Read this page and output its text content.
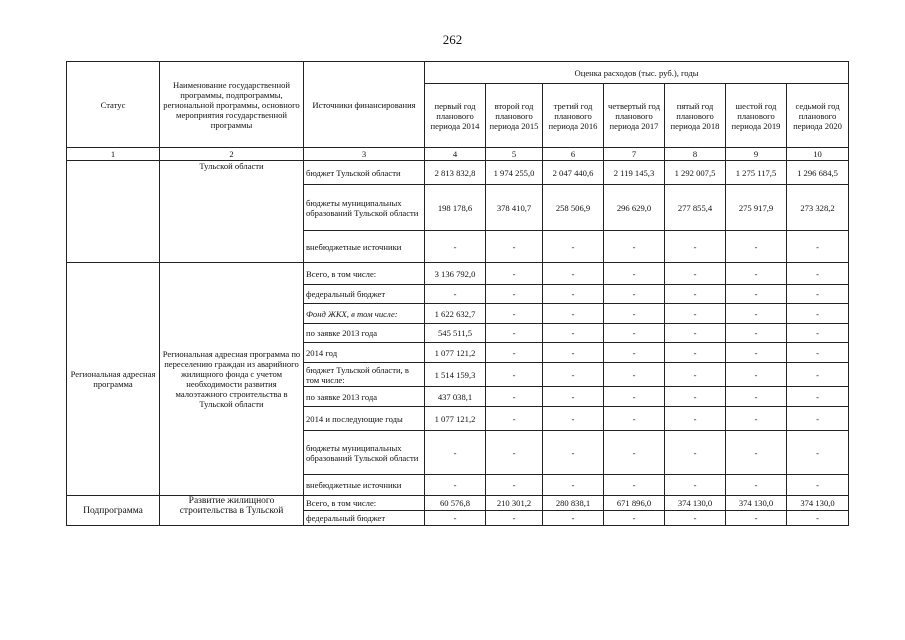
262
Статус	Наименование государственной программы, подпрограммы, региональной программы, основного мероприятия государственной программы	Источники финансирования	Оценка расходов (тыс. руб.), годы						
			первый год планового периода 2014	второй год планового периода 2015	третий год планового периода 2016	четвертый год планового периода 2017	пятый год планового периода 2018	шестой год планового периода 2019	седьмой год планового периода 2020
1	2	3	4	5	6	7	8	9	10
	Тульской области	бюджет Тульской области	2 813 832,8	1 974 255,0	2 047 440,6	2 119 145,3	1 292 007,5	1 275 117,5	1 296 684,5
		бюджеты муниципальных образований Тульской области	198 178,6	378 410,7	258 506,9	296 629,0	277 855,4	275 917,9	273 328,2
		внебюджетные источники	-	-	-	-	-	-	-
Региональная адресная программа	Региональная адресная программа по переселению граждан из аварийного жилищного фонда с учетом необходимости развития малоэтажного строительства в Тульской области	Всего, в том числе:	3 136 792,0	-	-	-	-	-	-
		федеральный бюджет	-	-	-	-	-	-	-
		Фонд ЖКХ, в том числе:	1 622 632,7	-	-	-	-	-	-
		по заявке 2013 года	545 511,5	-	-	-	-	-	-
		2014 год	1 077 121,2	-	-	-	-	-	-
		бюджет Тульской области, в том числе:	1 514 159,3	-	-	-	-	-	-
		по заявке 2013 года	437 038,1	-	-	-	-	-	-
		2014 и последующие годы	1 077 121,2	-	-	-	-	-	-
		бюджеты муниципальных образований Тульской области	-	-	-	-	-	-	-
		внебюджетные источники	-	-	-	-	-	-	-
Подпрограмма	Развитие жилищного строительства в Тульской	Всего, в том числе:	60 576,8	210 301,2	280 838,1	671 896,0	374 130,0	374 130,0	374 130,0
		федеральный бюджет	-	-	-	-	-	-	-
